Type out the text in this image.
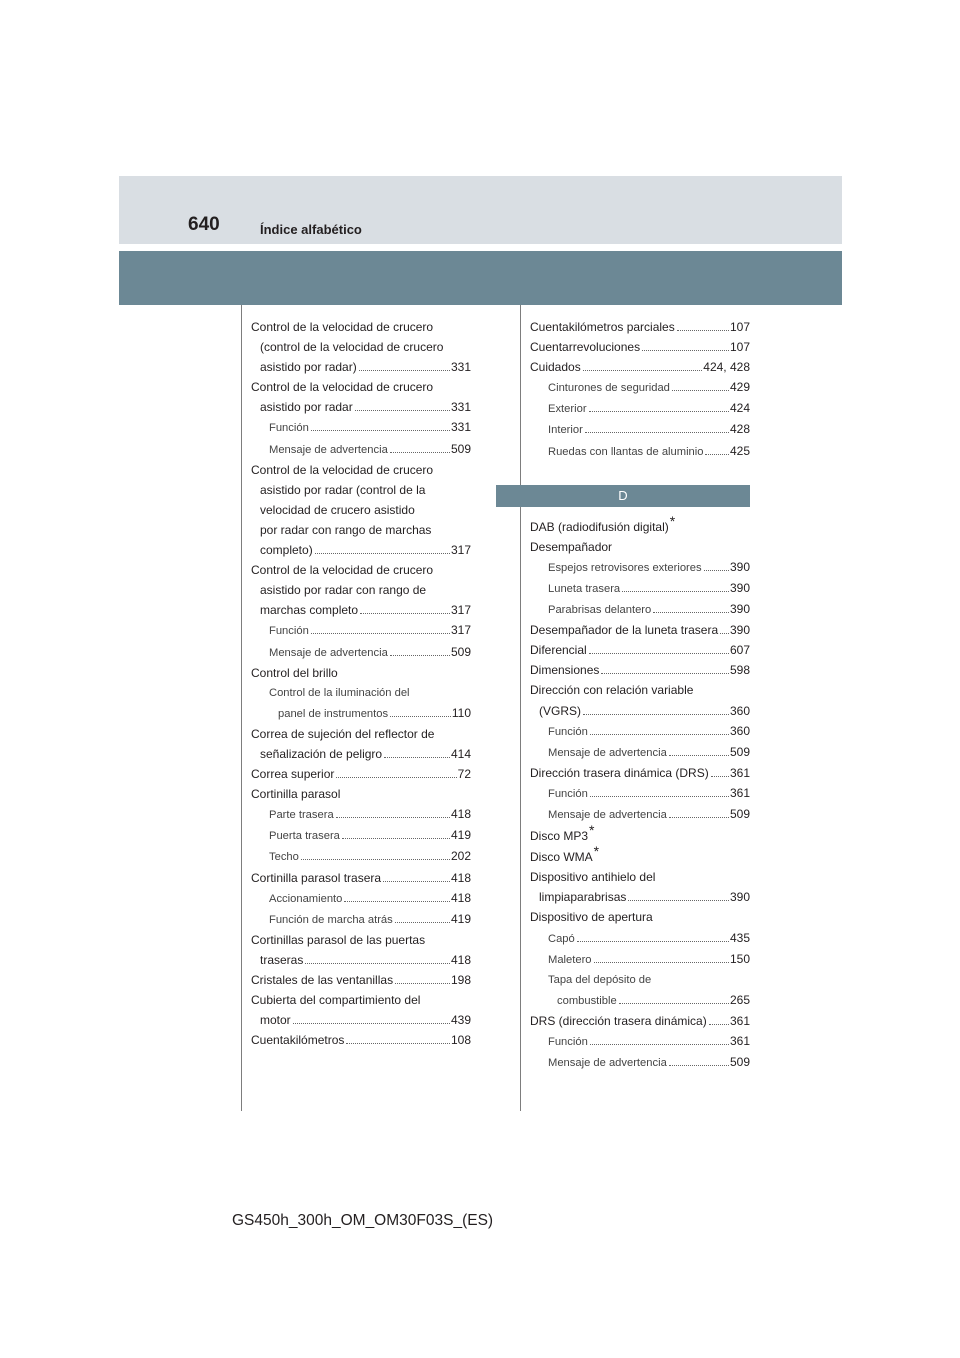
640	Índice alfabético
Control de la velocidad de crucero
(control de la velocidad de crucero
asistido por radar)	331
Control de la velocidad de crucero
asistido por radar	331
Función	331
Mensaje de advertencia	509
Control de la velocidad de crucero
asistido por radar (control de la
velocidad de crucero asistido
por radar con rango de marchas
completo)	317
Control de la velocidad de crucero
asistido por radar con rango de
marchas completo	317
Función	317
Mensaje de advertencia	509
Control del brillo
Control de la iluminación del
panel de instrumentos	110
Correa de sujeción del reflector de
señalización de peligro	414
Correa superior	72
Cortinilla parasol
Parte trasera	418
Puerta trasera	419
Techo	202
Cortinilla parasol trasera	418
Accionamiento	418
Función de marcha atrás	419
Cortinillas parasol de las puertas
traseras	418
Cristales de las ventanillas	198
Cubierta del compartimiento del
motor	439
Cuentakilómetros	108
Cuentakilómetros parciales	107
Cuentarrevoluciones	107
Cuidados	424, 428
Cinturones de seguridad	429
Exterior	424
Interior	428
Ruedas con llantas de aluminio 425
D
DAB (radiodifusión digital) *
Desempañador
Espejos retrovisores exteriores 390
Luneta trasera	390
Parabrisas delantero	390
Desempañador de la luneta trasera 390
Diferencial	607
Dimensiones	598
Dirección con relación variable
(VGRS)	360
Función	360
Mensaje de advertencia	509
Dirección trasera dinámica (DRS) 361
Función	361
Mensaje de advertencia	509
Disco MP3 *
Disco WMA *
Dispositivo antihielo del
limpiaparabrisas	390
Dispositivo de apertura
Capó	435
Maletero	150
Tapa del depósito de
combustible	265
DRS (dirección trasera dinámica) 361
Función	361
Mensaje de advertencia	509
GS450h_300h_OM_OM30F03S_(ES)
